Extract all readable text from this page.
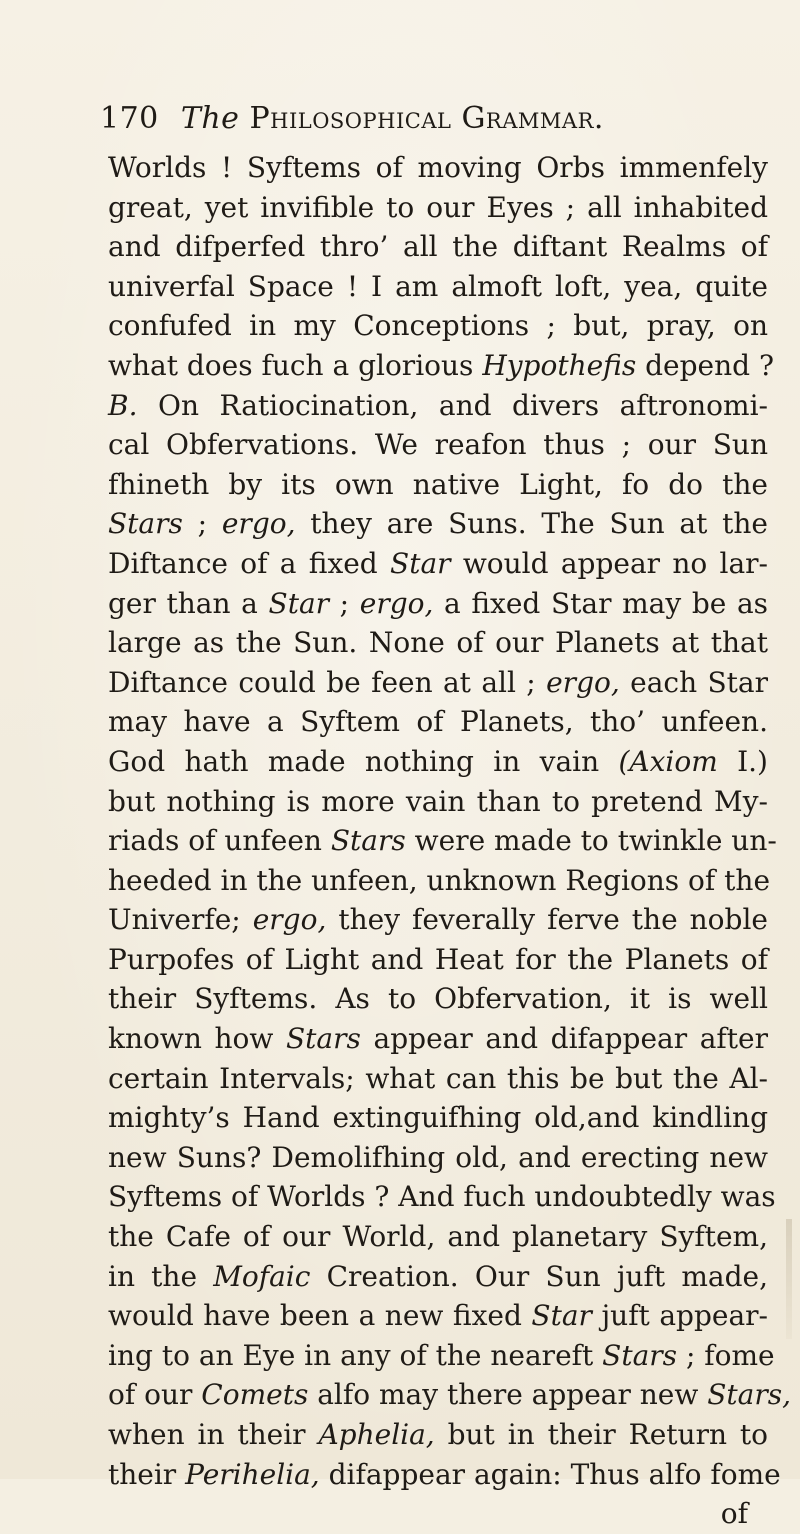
170 The Philosophical Grammar.
Worlds ! Syftems of moving Orbs immenfely
great, yet invifible to our Eyes ; all inhabited
and difperfed thro’ all the diftant Realms of
univerfal Space ! I am almoft loft, yea, quite
confufed in my Conceptions ; but, pray, on
what does fuch a glorious Hypothefis depend ?
B. On Ratiocination, and divers aftronomi-
cal Obfervations. We reafon thus ; our Sun
fhineth by its own native Light, fo do the
Stars ; ergo, they are Suns. The Sun at the
Diftance of a fixed Star would appear no lar-
ger than a Star ; ergo, a fixed Star may be as
large as the Sun. None of our Planets at that
Diftance could be feen at all ; ergo, each Star
may have a Syftem of Planets, tho’ unfeen.
God hath made nothing in vain (Axiom I.)
but nothing is more vain than to pretend My-
riads of unfeen Stars were made to twinkle un-
heeded in the unfeen, unknown Regions of the
Univerfe; ergo, they feverally ferve the noble
Purpofes of Light and Heat for the Planets of
their Syftems. As to Obfervation, it is well
known how Stars appear and difappear after
certain Intervals; what can this be but the Al-
mighty’s Hand extinguifhing old,and kindling
new Suns? Demolifhing old, and erecting new
Syftems of Worlds ? And fuch undoubtedly was
the Cafe of our World, and planetary Syftem,
in the Mofaic Creation. Our Sun juft made,
would have been a new fixed Star juft appear-
ing to an Eye in any of the neareft Stars ; fome
of our Comets alfo may there appear new Stars,
when in their Aphelia, but in their Return to
their Perihelia, difappear again: Thus alfo fome
of
